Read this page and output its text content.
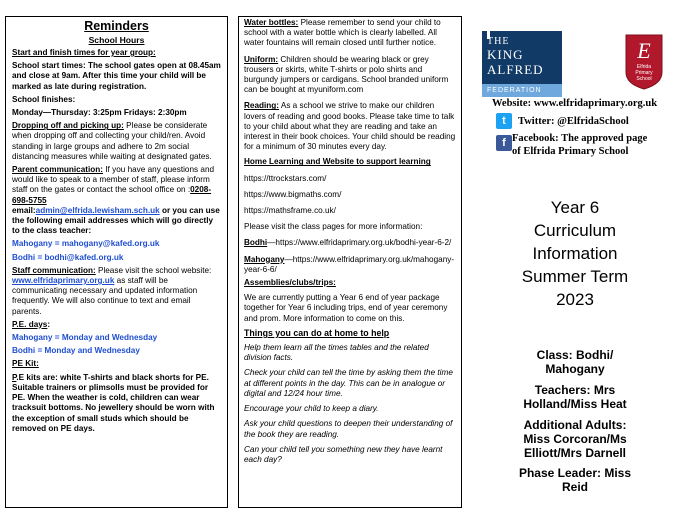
Reminders
School Hours
Start and finish times for year group:
School start times: The school gates open at 08.45am and close at 9am. After this time your child will be marked as late during registration.
School finishes:
Monday—Thursday: 3:25pm Fridays: 2:30pm
Dropping off and picking up: Please be considerate when dropping off and collecting your child/ren. Avoid standing in large groups and adhere to 2m social distancing measures while waiting at designated gates.
Parent communication: If you have any questions and would like to speak to a member of staff, please inform staff on the gates or contact the school office on :0208-698-5755
email:admin@elfrida.lewisham.sch.uk or you can use the following email addresses which will go directly to the class teacher:
Mahogany = mahogany@kafed.org.uk
Bodhi = bodhi@kafed.org.uk
Staff communication: Please visit the school website: www.elfridaprimary.org.uk as staff will be communicating necessary and updated information frequently. We will also continue to text and email parents.
P.E. days:
Mahogany = Monday and Wednesday
Bodhi = Monday and Wednesday
PE Kit:
P.E kits are: white T-shirts and black shorts for PE. Suitable trainers or plimsolls must be provided for PE. When the weather is cold, children can wear tracksuit bottoms. No jewellery should be worn with the exception of small studs which should be removed on PE days.
Water bottles: Please remember to send your child to school with a water bottle which is clearly labelled. All water fountains will remain closed until further notice.
Uniform: Children should be wearing black or grey trousers or skirts, white T-shirts or polo shirts and burgundy jumpers or cardigans. School branded uniform can be bought at myuniform.com
Reading: As a school we strive to make our children lovers of reading and good books. Please take time to talk to your child about what they are reading and take an interest in their book choices. Your child should be reading for a minimum of 30 minutes every day.
Home Learning and Website to support learning
https://ttrockstars.com/
https://www.bigmaths.com/
https://mathsframe.co.uk/
Please visit the class pages for more information:
Bodhi—https://www.elfridaprimary.org.uk/bodhi-year-6-2/
Mahogany—https://www.elfridaprimary.org.uk/mahogany-year-6-6/
Assemblies/clubs/trips:
We are currently putting a Year 6 end of year package together for Year 6 including trips, end of year ceremony and prom. More information to come on this.
Things you can do at home to help
Help them learn all the times tables and the related division facts.
Check your child can tell the time by asking them the time at different points in the day. This can be in analogue or digital and 12/24 hour time.
Encourage your child to keep a diary.
Ask your child questions to deepen their understanding of the book they are reading.
Can your child tell you something new they have learnt each day?
THE
KING
ALFRED
FEDERATION
E
Elfrida
Primary
School
Website: www.elfridaprimary.org.uk
t	Twitter: @ElfridaSchool
f Facebook: The approved page
of Elfrida Primary School
Year 6
Curriculum
Information
Summer Term
2023
Class: Bodhi/
Mahogany
Teachers: Mrs
Holland/Miss Heat
Additional Adults:
Miss Corcoran/Ms
Elliott/Mrs Darnell
Phase Leader: Miss
Reid
